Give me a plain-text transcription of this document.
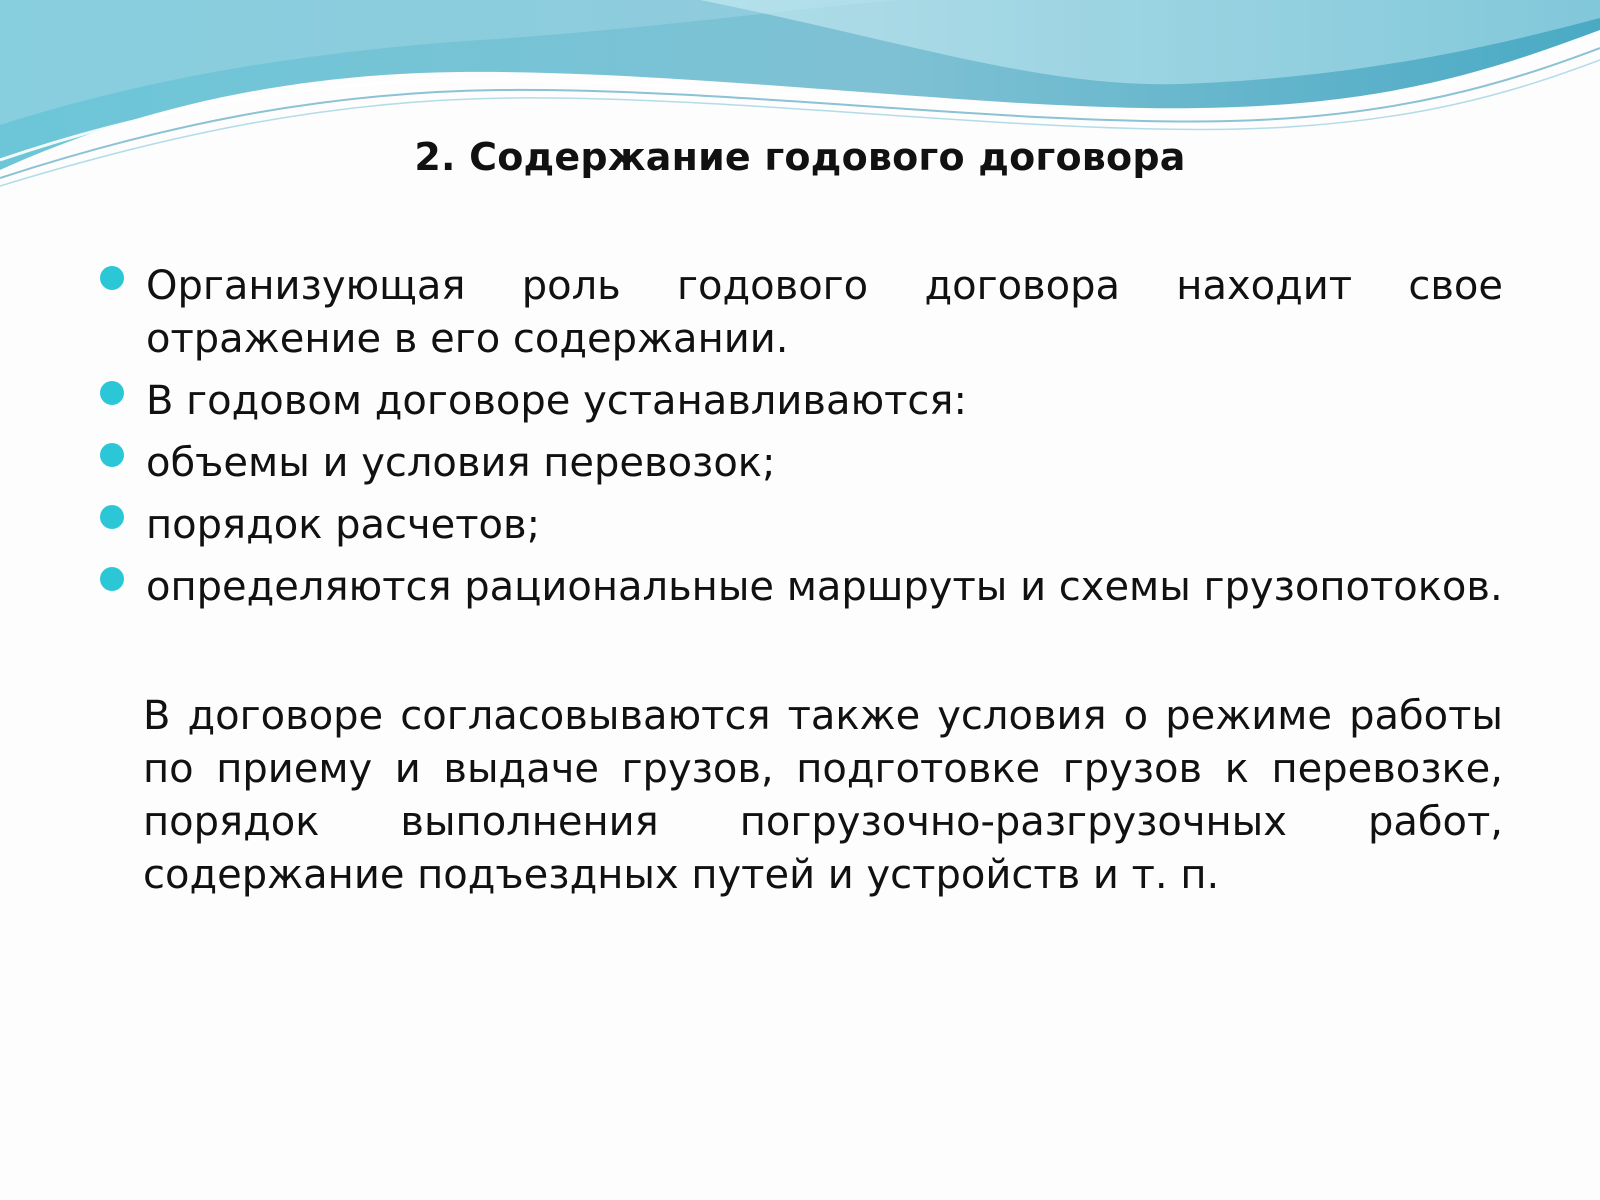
2. Содержание годового договора
Организующая роль годового договора находит свое отражение в его содержании.
В годовом договоре устанавливаются:
объемы и условия перевозок;
порядок расчетов;
определяются рациональные маршруты и схемы грузопотоков.

В договоре согласовываются также условия о режиме работы по приему и выдаче грузов, подготовке грузов к перевозке, порядок выполнения погрузочно-разгрузочных работ, содержание подъездных путей и устройств и т. п.
